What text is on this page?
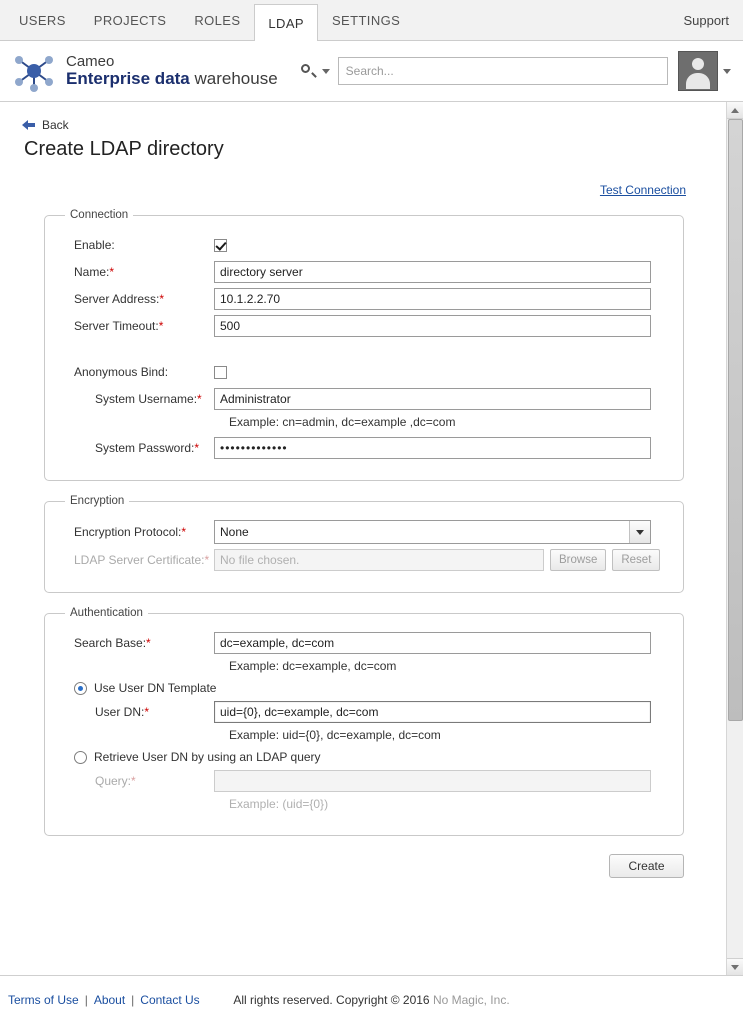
USERS PROJECTS ROLES LDAP SETTINGS	Support
Cameo
Enterprise data warehouse
Search...
Back
Create LDAP directory
Test Connection
Connection
Enable:
Name:*
directory server
Server Address:*
10.1.2.2.70
Server Timeout:*
500
Anonymous Bind:
System Username:*
Administrator
Example: cn=admin, dc=example ,dc=com
System Password:*
•••••••••••••
Encryption
Encryption Protocol:*	None
LDAP Server Certificate:* No file chosen.	Browse	Reset
Authentication
Search Base:*
dc=example, dc=com
Example: dc=example, dc=com
Use User DN Template
User DN:*
uid={0}, dc=example, dc=com
Example: uid={0}, dc=example, dc=com
Retrieve User DN by using an LDAP query
Query:*
Example: (uid={0})
Create
Terms of Use | About | Contact Us	All rights reserved. Copyright © 2016 No Magic, Inc.
